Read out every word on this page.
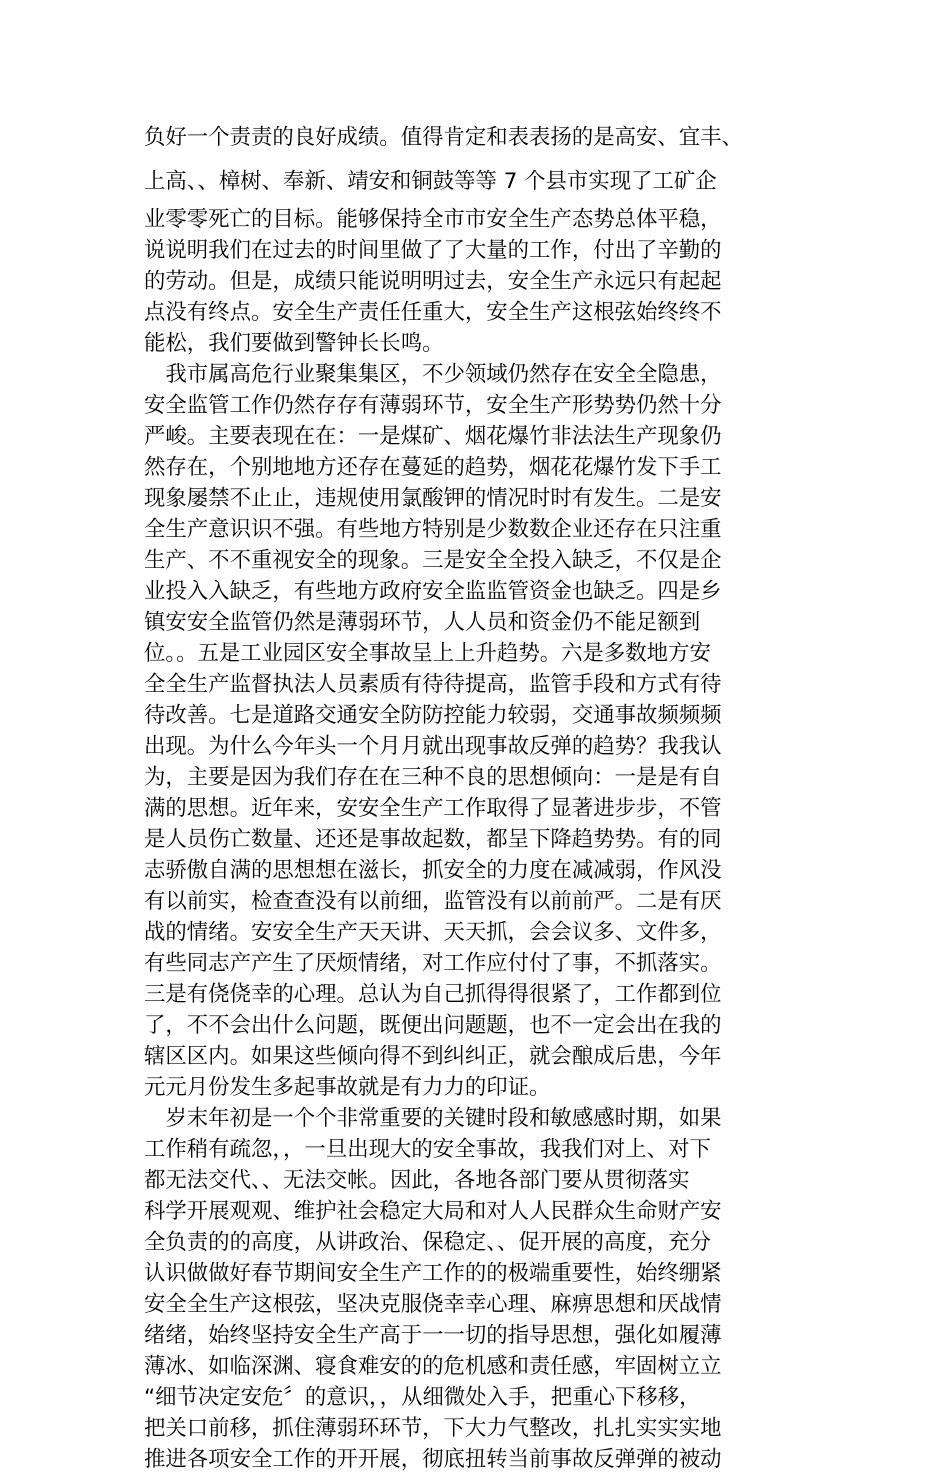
负好一个责责的良好成绩。值得肯定和表表扬的是高安、宜丰、
上高、、樟树、奉新、靖安和铜鼓等等 7 个县市实现了工矿企
业零零死亡的目标。能够保持全市市安全生产态势总体平稳，
说说明我们在过去的时间里做了了大量的工作，付出了辛勤的
的劳动。但是，成绩只能说明明过去，安全生产永远只有起起
点没有终点。安全生产责任任重大，安全生产这根弦始终终不
能松，我们要做到警钟长长鸣。
　我市属高危行业聚集集区，不少领域仍然存在安全全隐患，
安全监管工作仍然存存有薄弱环节，安全生产形势势仍然十分
严峻。主要表现在在：一是煤矿、烟花爆竹非法法生产现象仍
然存在，个别地地方还存在蔓延的趋势，烟花花爆竹发下手工
现象屡禁不止止，违规使用氯酸钾的情况时时有发生。二是安
全生产意识识不强。有些地方特别是少数数企业还存在只注重
生产、不不重视安全的现象。三是安全全投入缺乏，不仅是企
业投入入缺乏，有些地方政府安全监监管资金也缺乏。四是乡
镇安安全监管仍然是薄弱环节，人人员和资金仍不能足额到
位。。五是工业园区安全事故呈上上升趋势。六是多数地方安
全全生产监督执法人员素质有待待提高，监管手段和方式有待
待改善。七是道路交通安全防防控能力较弱，交通事故频频频
出现。为什么今年头一个月月就出现事故反弹的趋势？我我认
为，主要是因为我们存在在三种不良的思想倾向：一是是有自
满的思想。近年来，安安全生产工作取得了显著进步步，不管
是人员伤亡数量、还还是事故起数，都呈下降趋势势。有的同
志骄傲自满的思想想在滋长，抓安全的力度在减减弱，作风没
有以前实，检查查没有以前细，监管没有以前前严。二是有厌
战的情绪。安安全生产天天讲、天天抓，会会议多、文件多，
有些同志产产生了厌烦情绪，对工作应付付了事，不抓落实。
三是有侥侥幸的心理。总认为自己抓得得很紧了，工作都到位
了，不不会出什么问题，既便出问题题，也不一定会出在我的
辖区区内。如果这些倾向得不到纠纠正，就会酿成后患，今年
元元月份发生多起事故就是有力力的印证。
　岁末年初是一个个非常重要的关键时段和敏感感时期，如果
工作稍有疏忽，，一旦出现大的安全事故，我我们对上、对下
都无法交代、、无法交帐。因此，各地各部门要从贯彻落实
科学开展观观、维护社会稳定大局和对人人民群众生命财产安
全负责的的高度，从讲政治、保稳定、、促开展的高度，充分
认识做做好春节期间安全生产工作的的极端重要性，始终绷紧
安全全生产这根弦，坚决克服侥幸幸心理、麻痹思想和厌战情
绪绪，始终坚持安全生产高于一一切的指导思想，强化如履薄
薄冰、如临深渊、寝食难安的的危机感和责任感，牢固树立立
“细节决定安危〞的意识，，从细微处入手，把重心下移移，
把关口前移，抓住薄弱环环节，下大力气整改，扎扎实实实地
推进各项安全工作的开开展，彻底扭转当前事故反弹弹的被动
